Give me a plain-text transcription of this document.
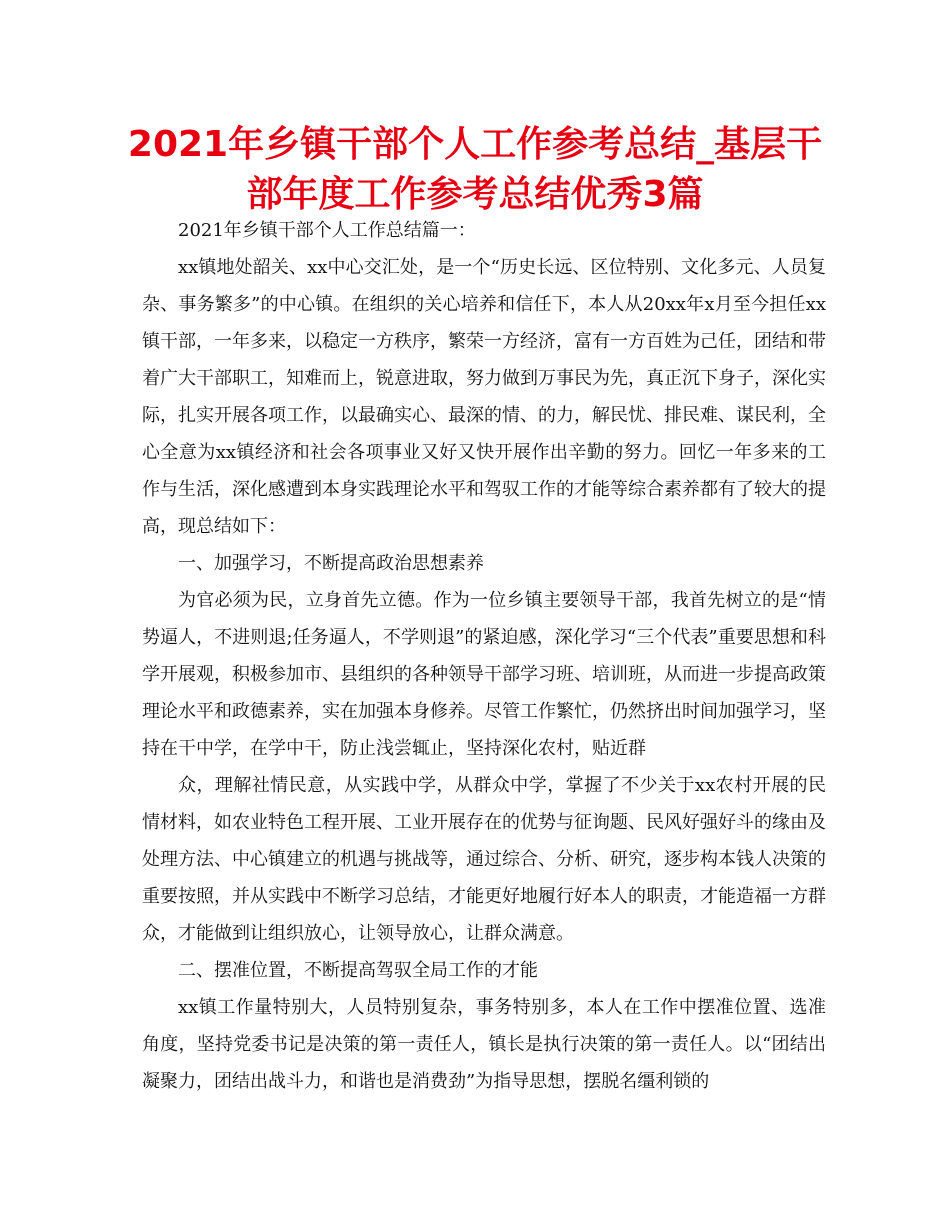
2021年乡镇干部个人工作参考总结_基层干部年度工作参考总结优秀3篇

2021年乡镇干部个人工作总结篇一：

xx镇地处韶关、xx中心交汇处，是一个“历史长远、区位特别、文化多元、人员复杂、事务繁多”的中心镇。在组织的关心培养和信任下，本人从20xx年x月至今担任xx镇干部，一年多来，以稳定一方秩序，繁荣一方经济，富有一方百姓为己任，团结和带着广大干部职工，知难而上，锐意进取，努力做到万事民为先，真正沉下身子，深化实际，扎实开展各项工作，以最确实心、最深的情、的力，解民忧、排民难、谋民利，全心全意为xx镇经济和社会各项事业又好又快开展作出辛勤的努力。回忆一年多来的工作与生活，深化感遭到本身实践理论水平和驾驭工作的才能等综合素养都有了较大的提高，现总结如下：

一、加强学习，不断提高政治思想素养

为官必须为民，立身首先立德。作为一位乡镇主要领导干部，我首先树立的是“情势逼人，不进则退;任务逼人，不学则退”的紧迫感，深化学习“三个代表”重要思想和科学开展观，积极参加市、县组织的各种领导干部学习班、培训班，从而进一步提高政策理论水平和政德素养，实在加强本身修养。尽管工作繁忙，仍然挤出时间加强学习，坚持在干中学，在学中干，防止浅尝辄止，坚持深化农村，贴近群

众，理解社情民意，从实践中学，从群众中学，掌握了不少关于xx农村开展的民情材料，如农业特色工程开展、工业开展存在的优势与征询题、民风好强好斗的缘由及处理方法、中心镇建立的机遇与挑战等，通过综合、分析、研究，逐步构本钱人决策的重要按照，并从实践中不断学习总结，才能更好地履行好本人的职责，才能造福一方群众，才能做到让组织放心，让领导放心，让群众满意。

二、摆准位置，不断提高驾驭全局工作的才能

xx镇工作量特别大，人员特别复杂，事务特别多，本人在工作中摆准位置、选准角度，坚持党委书记是决策的第一责任人，镇长是执行决策的第一责任人。以“团结出凝聚力，团结出战斗力，和谐也是消费劲”为指导思想，摆脱名缰利锁的
